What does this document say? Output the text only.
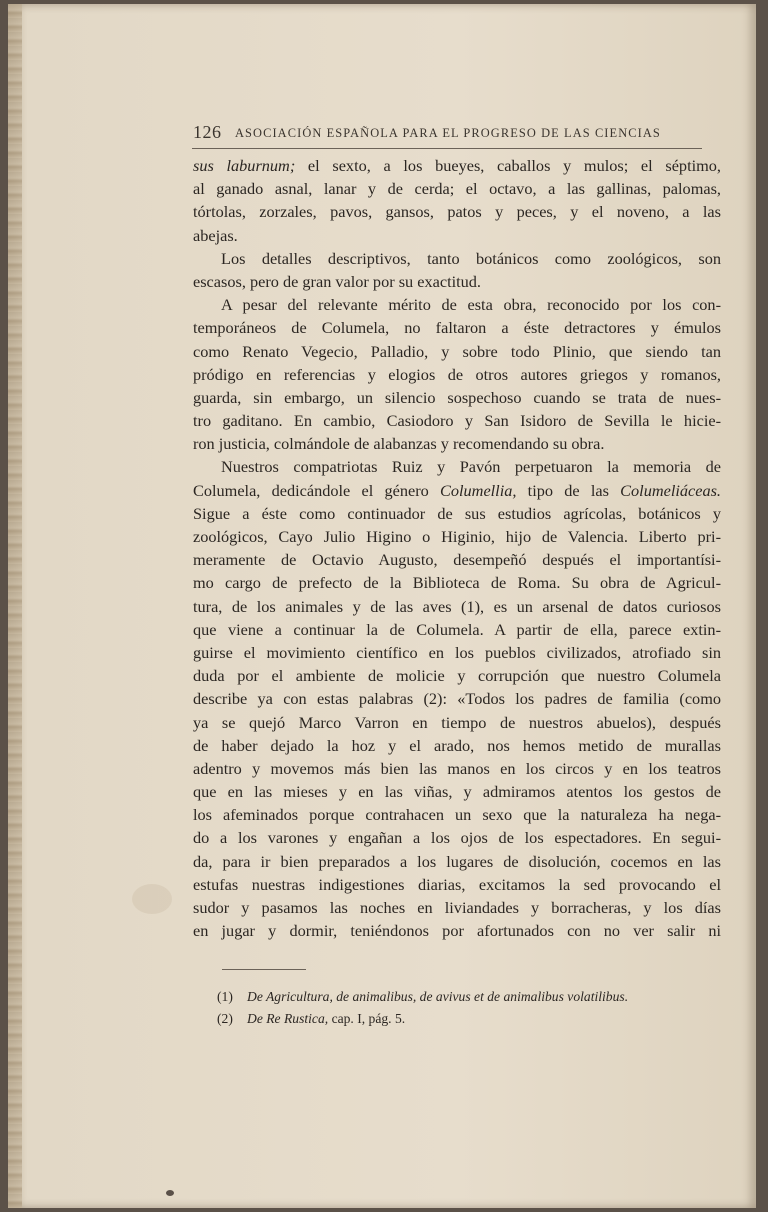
126 ASOCIACIÓN ESPAÑOLA PARA EL PROGRESO DE LAS CIENCIAS
sus laburnum; el sexto, a los bueyes, caballos y mulos; el séptimo,
al ganado asnal, lanar y de cerda; el octavo, a las gallinas, palomas,
tórtolas, zorzales, pavos, gansos, patos y peces, y el noveno, a las
abejas.
Los detalles descriptivos, tanto botánicos como zoológicos, son
escasos, pero de gran valor por su exactitud.
A pesar del relevante mérito de esta obra, reconocido por los con-
temporáneos de Columela, no faltaron a éste detractores y émulos
como Renato Vegecio, Palladio, y sobre todo Plinio, que siendo tan
pródigo en referencias y elogios de otros autores griegos y romanos,
guarda, sin embargo, un silencio sospechoso cuando se trata de nues-
tro gaditano. En cambio, Casiodoro y San Isidoro de Sevilla le hicie-
ron justicia, colmándole de alabanzas y recomendando su obra.
Nuestros compatriotas Ruiz y Pavón perpetuaron la memoria de
Columela, dedicándole el género Columellia, tipo de las Columeliáceas.
Sigue a éste como continuador de sus estudios agrícolas, botánicos y
zoológicos, Cayo Julio Higino o Higinio, hijo de Valencia. Liberto pri-
meramente de Octavio Augusto, desempeñó después el importantísi-
mo cargo de prefecto de la Biblioteca de Roma. Su obra de Agricul-
tura, de los animales y de las aves (1), es un arsenal de datos curiosos
que viene a continuar la de Columela. A partir de ella, parece extin-
guirse el movimiento científico en los pueblos civilizados, atrofiado sin
duda por el ambiente de molicie y corrupción que nuestro Columela
describe ya con estas palabras (2): «Todos los padres de familia (como
ya se quejó Marco Varron en tiempo de nuestros abuelos), después
de haber dejado la hoz y el arado, nos hemos metido de murallas
adentro y movemos más bien las manos en los circos y en los teatros
que en las mieses y en las viñas, y admiramos atentos los gestos de
los afeminados porque contrahacen un sexo que la naturaleza ha nega-
do a los varones y engañan a los ojos de los espectadores. En segui-
da, para ir bien preparados a los lugares de disolución, cocemos en las
estufas nuestras indigestiones diarias, excitamos la sed provocando el
sudor y pasamos las noches en liviandades y borracheras, y los días
en jugar y dormir, teniéndonos por afortunados con no ver salir ni
(1) De Agricultura, de animalibus, de avivus et de animalibus volatilibus.
(2) De Re Rustica, cap. I, pág. 5.
